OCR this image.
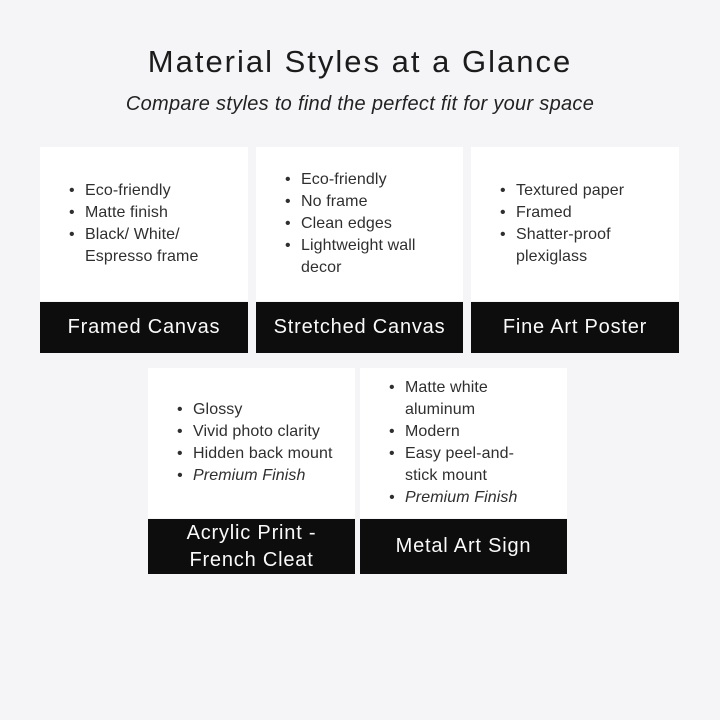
Material Styles at a Glance
Compare styles to find the perfect fit for your space
• Eco-friendly
• Matte finish
• Black/ White/ Espresso frame
Framed Canvas
• Eco-friendly
• No frame
• Clean edges
• Lightweight wall decor
Stretched Canvas
• Textured paper
• Framed
• Shatter-proof plexiglass
Fine Art Poster
• Glossy
• Vivid photo clarity
• Hidden back mount
• Premium Finish
Acrylic Print - French Cleat
• Matte white aluminum
• Modern
• Easy peel-and-stick mount
• Premium Finish
Metal Art Sign
